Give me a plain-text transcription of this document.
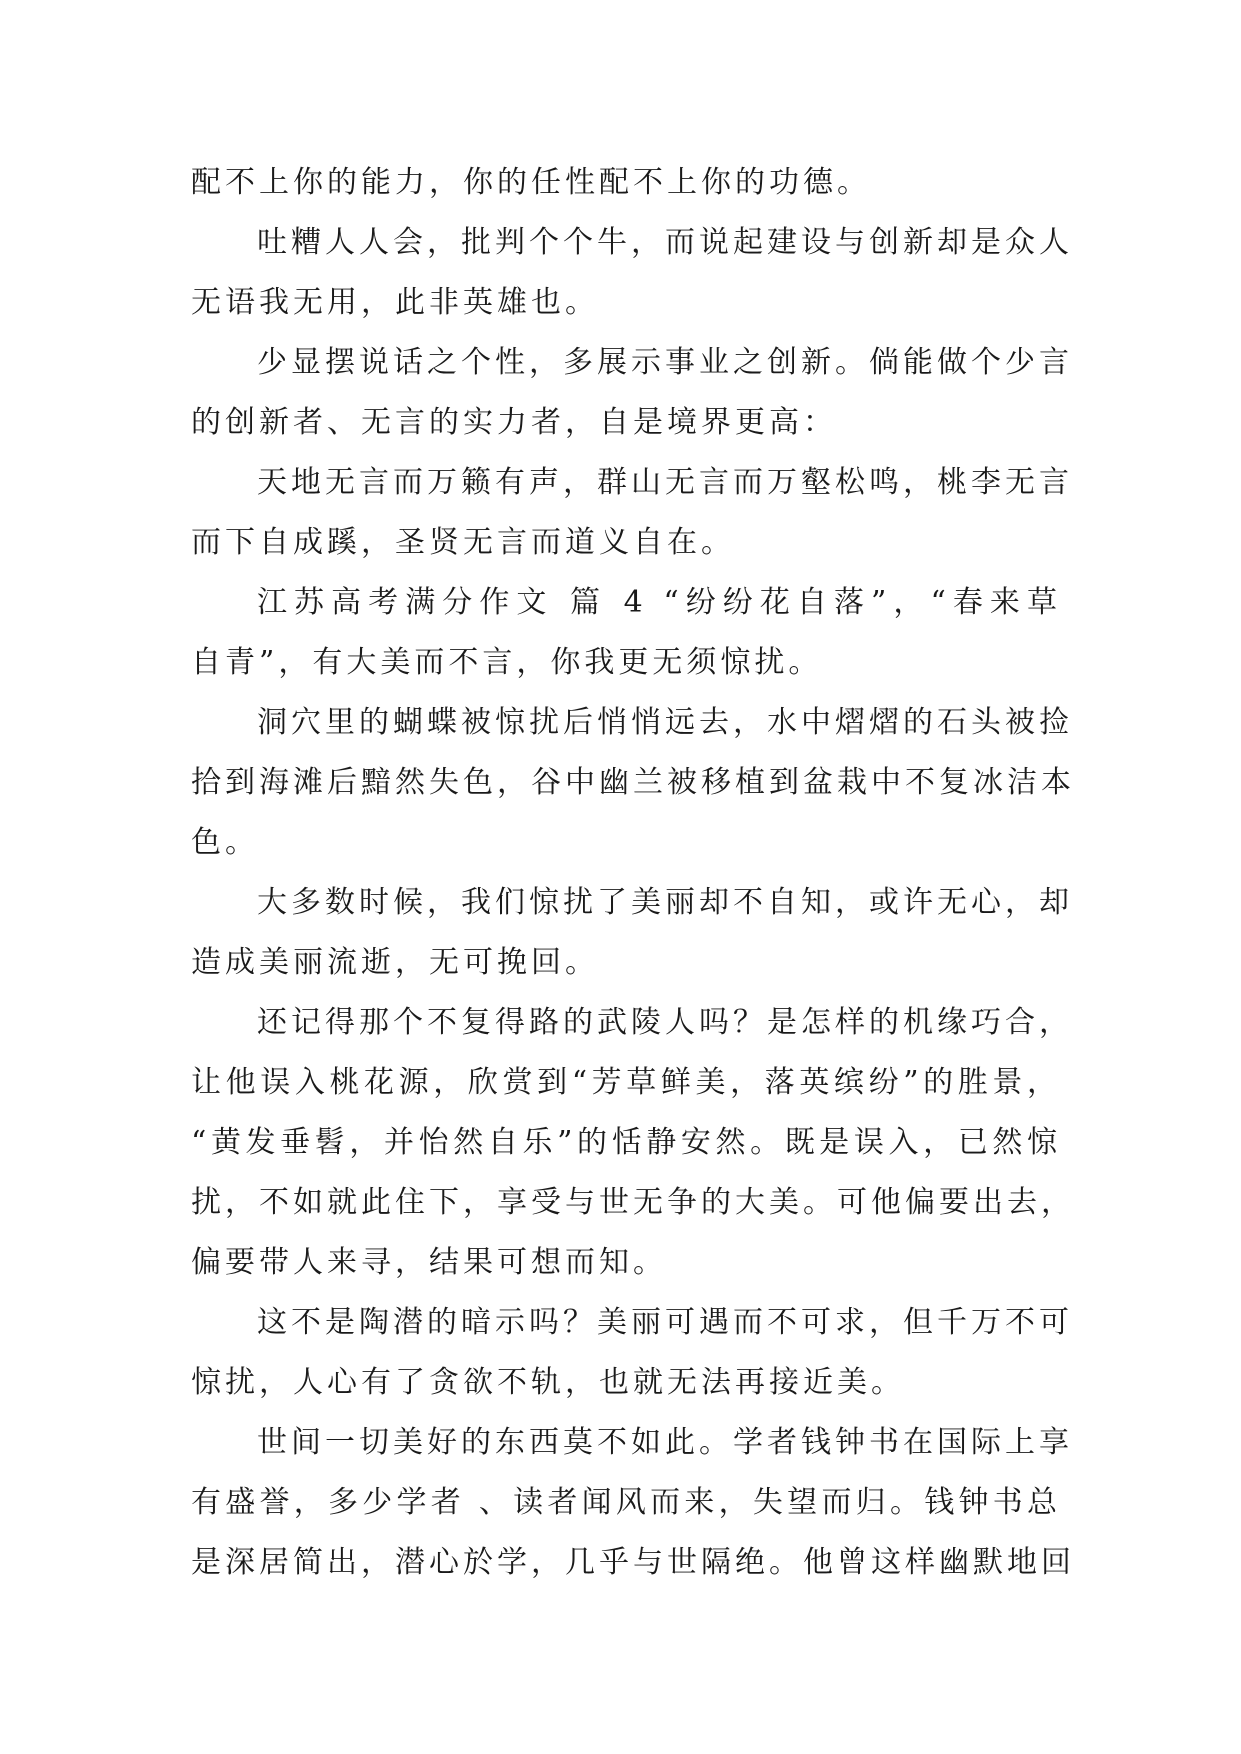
配不上你的能力，你的任性配不上你的功德。
吐糟人人会，批判个个牛，而说起建设与创新却是众人
无语我无用，此非英雄也。
少显摆说话之个性，多展示事业之创新。倘能做个少言
的创新者、无言的实力者，自是境界更高：
天地无言而万籁有声，群山无言而万壑松鸣，桃李无言
而下自成蹊，圣贤无言而道义自在。
江苏高考满分作文 篇 4 “纷纷花自落”，“春来草
自青”，有大美而不言，你我更无须惊扰。
洞穴里的蝴蝶被惊扰后悄悄远去，水中熠熠的石头被捡
拾到海滩后黯然失色，谷中幽兰被移植到盆栽中不复冰洁本
色。
大多数时候，我们惊扰了美丽却不自知，或许无心，却
造成美丽流逝，无可挽回。
还记得那个不复得路的武陵人吗？是怎样的机缘巧合，
让他误入桃花源，欣赏到“芳草鲜美，落英缤纷”的胜景，
“黄发垂髫，并怡然自乐”的恬静安然。既是误入，已然惊
扰，不如就此住下，享受与世无争的大美。可他偏要出去，
偏要带人来寻，结果可想而知。
这不是陶潜的暗示吗？美丽可遇而不可求，但千万不可
惊扰，人心有了贪欲不轨，也就无法再接近美。
世间一切美好的东西莫不如此。学者钱钟书在国际上享
有盛誉，多少学者 、读者闻风而来，失望而归。钱钟书总
是深居简出，潜心於学，几乎与世隔绝。他曾这样幽默地回
